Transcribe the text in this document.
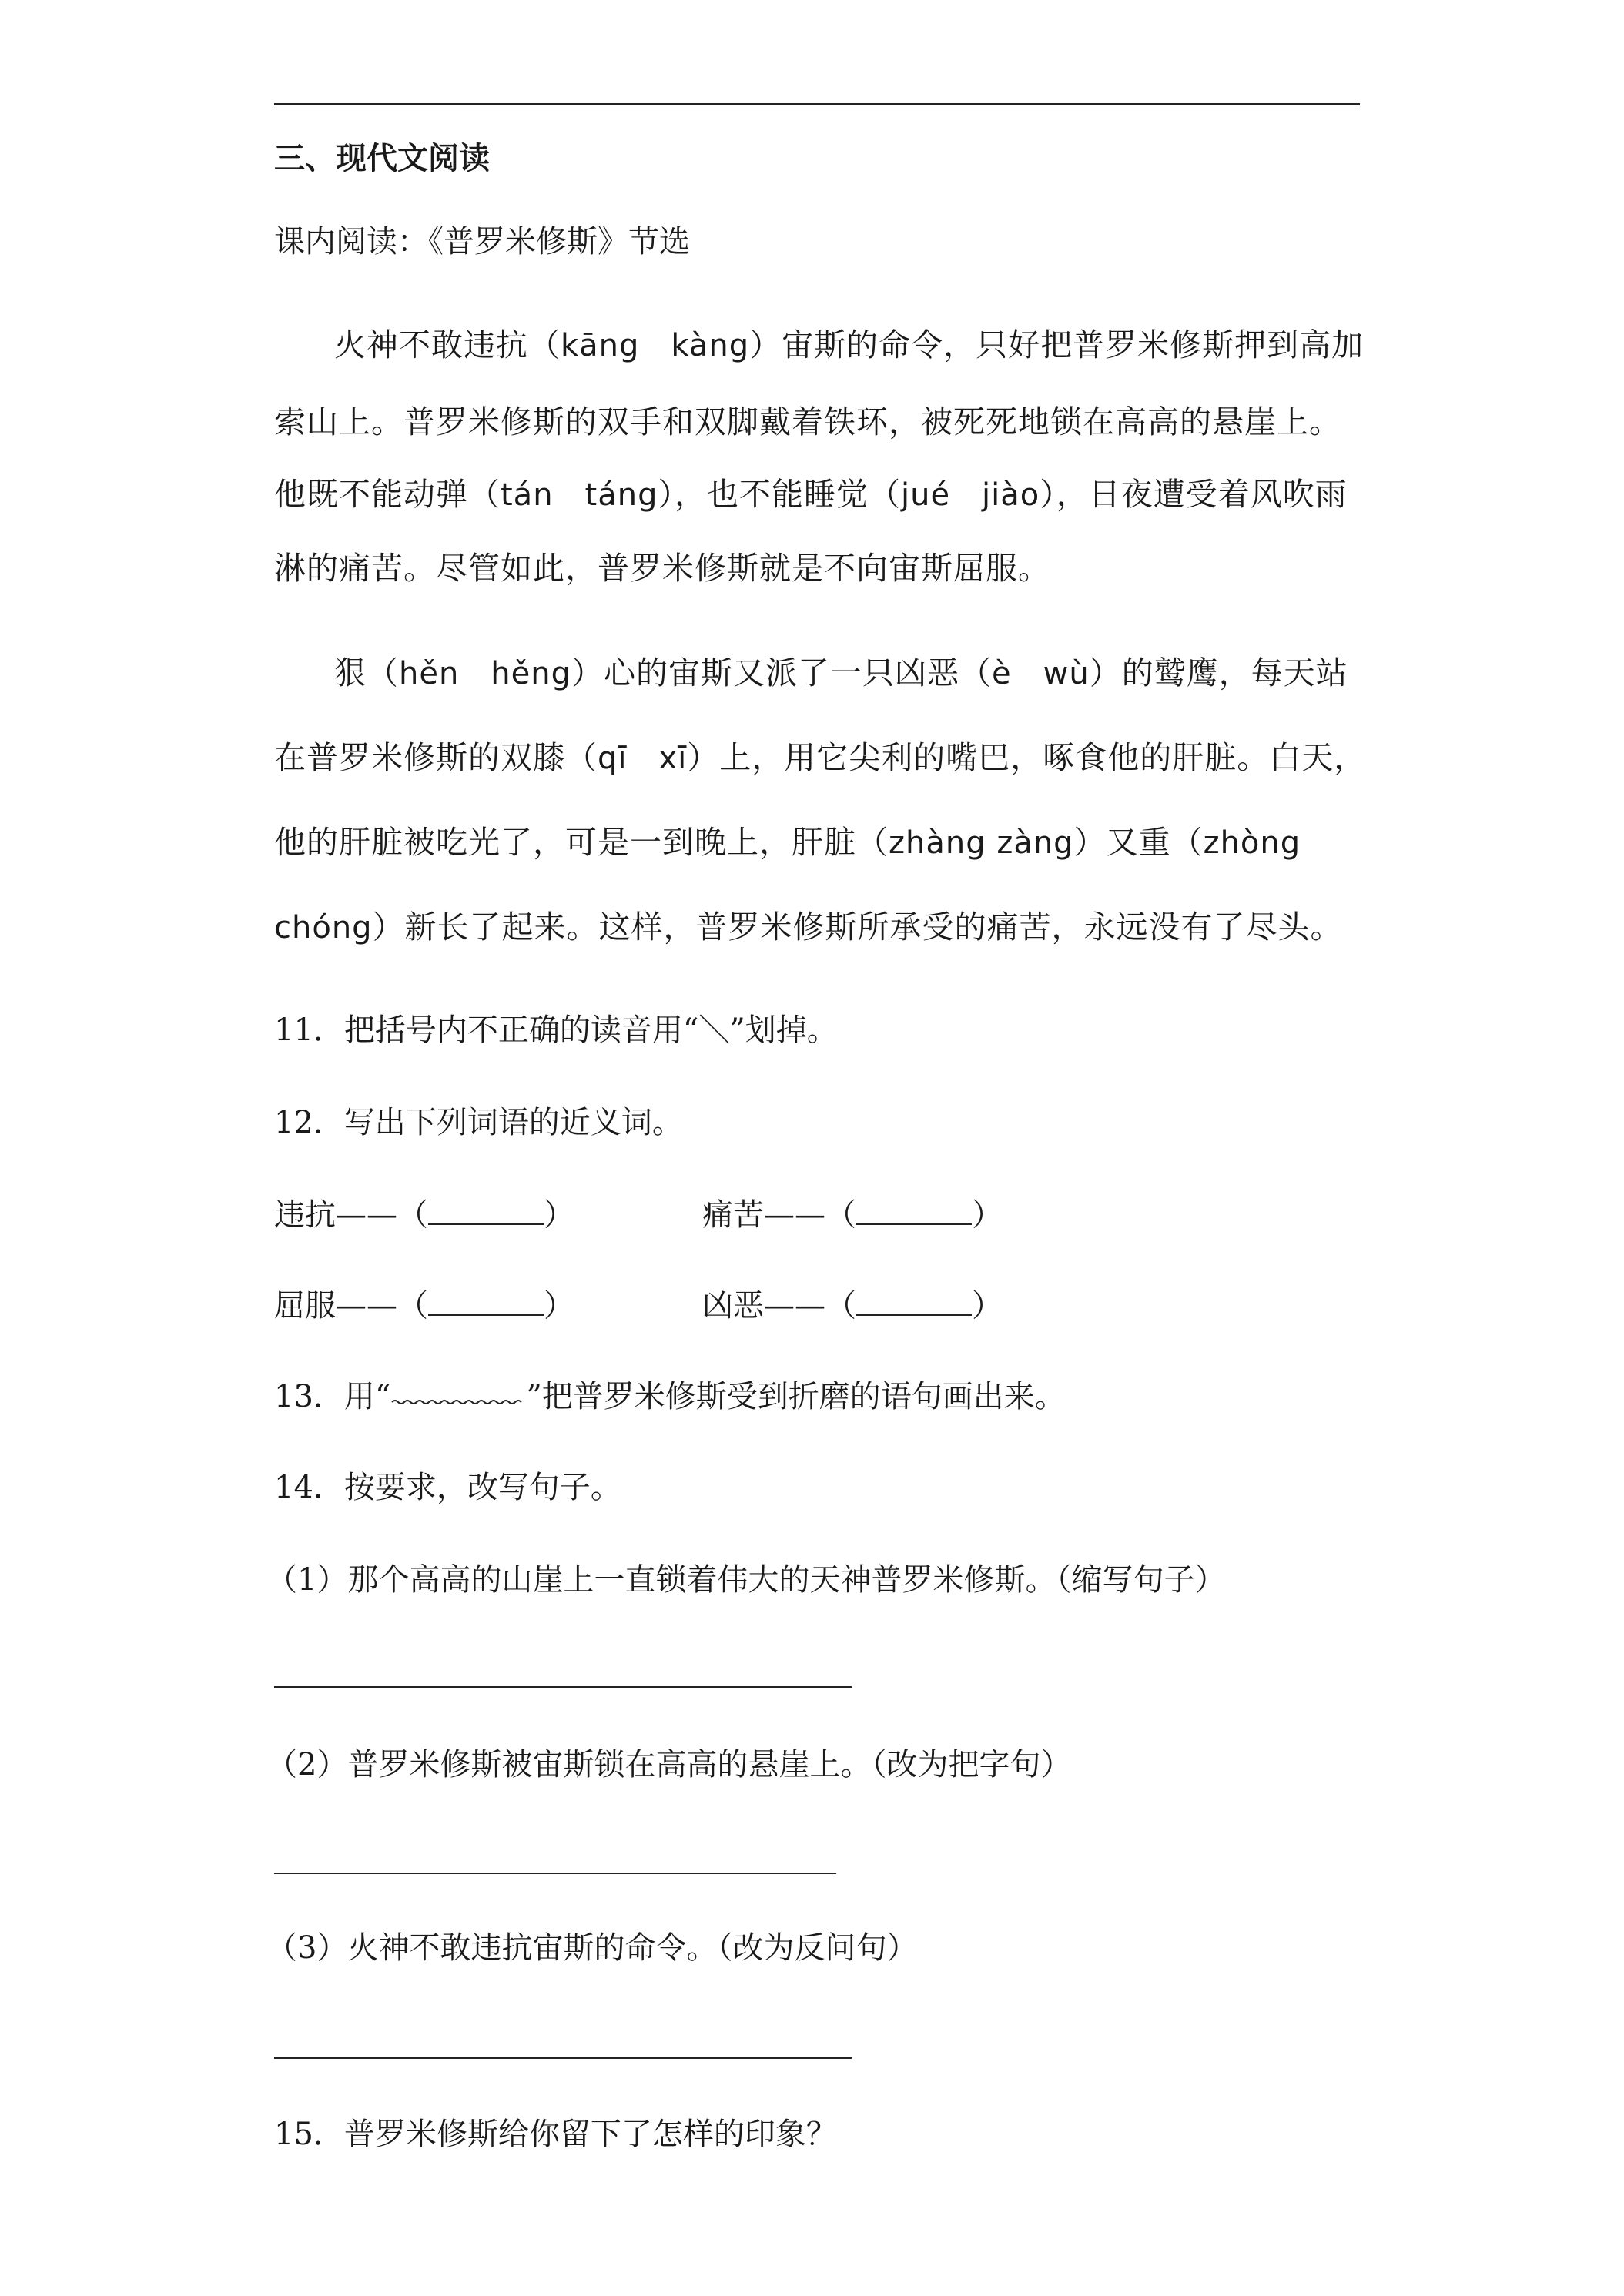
三、现代文阅读
课内阅读：《普罗米修斯》节选
火神不敢违抗（kāng　kàng）宙斯的命令，只好把普罗米修斯押到高加
索山上。普罗米修斯的双手和双脚戴着铁环，被死死地锁在高高的悬崖上。
他既不能动弹（tán　táng），也不能睡觉（jué　jiào），日夜遭受着风吹雨
淋的痛苦。尽管如此，普罗米修斯就是不向宙斯屈服。
狠（hěn　hěng）心的宙斯又派了一只凶恶（è　wù）的鹫鹰，每天站
在普罗米修斯的双膝（qī　xī）上，用它尖利的嘴巴，啄食他的肝脏。白天，
他的肝脏被吃光了，可是一到晚上，肝脏（zhàng zàng）又重（zhòng
chóng）新长了起来。这样，普罗米修斯所承受的痛苦，永远没有了尽头。
11．把括号内不正确的读音用“＼”划掉。
12．写出下列词语的近义词。
违抗——（	）	痛苦——（	）
屈服——（	）	凶恶——（	）
13．用“	”把普罗米修斯受到折磨的语句画出来。
14．按要求，改写句子。
（1）那个高高的山崖上一直锁着伟大的天神普罗米修斯。（缩写句子）
（2）普罗米修斯被宙斯锁在高高的悬崖上。（改为把字句）
（3）火神不敢违抗宙斯的命令。（改为反问句）
15．普罗米修斯给你留下了怎样的印象？
